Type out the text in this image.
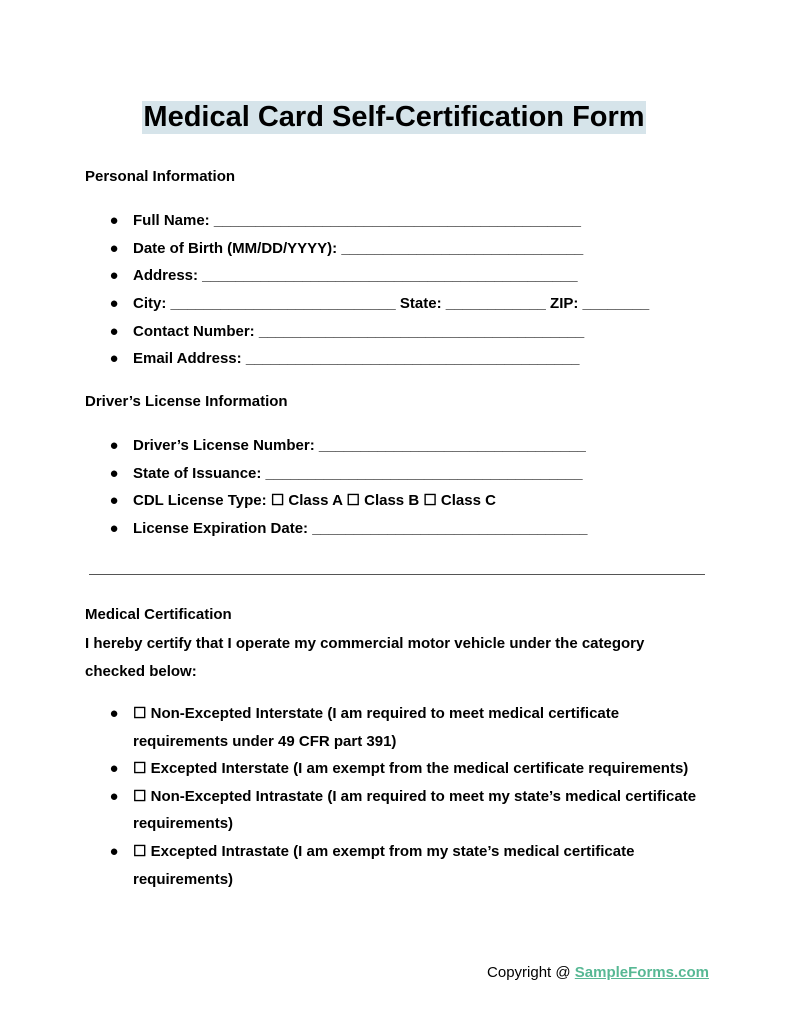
Medical Card Self-Certification Form
Personal Information
● Full Name: ____________________________________________
● Date of Birth (MM/DD/YYYY): _____________________________
● Address: _____________________________________________
● City: ___________________________ State: ____________ ZIP: ________
● Contact Number: _______________________________________
● Email Address: ________________________________________
Driver’s License Information
● Driver’s License Number: ________________________________
● State of Issuance: ______________________________________
● CDL License Type: ☐ Class A ☐ Class B ☐ Class C
● License Expiration Date: _________________________________
Medical Certification
I hereby certify that I operate my commercial motor vehicle under the category checked below:
● ☐ Non-Excepted Interstate (I am required to meet medical certificate requirements under 49 CFR part 391)
● ☐ Excepted Interstate (I am exempt from the medical certificate requirements)
● ☐ Non-Excepted Intrastate (I am required to meet my state’s medical certificate requirements)
● ☐ Excepted Intrastate (I am exempt from my state’s medical certificate requirements)
Copyright @ SampleForms.com
